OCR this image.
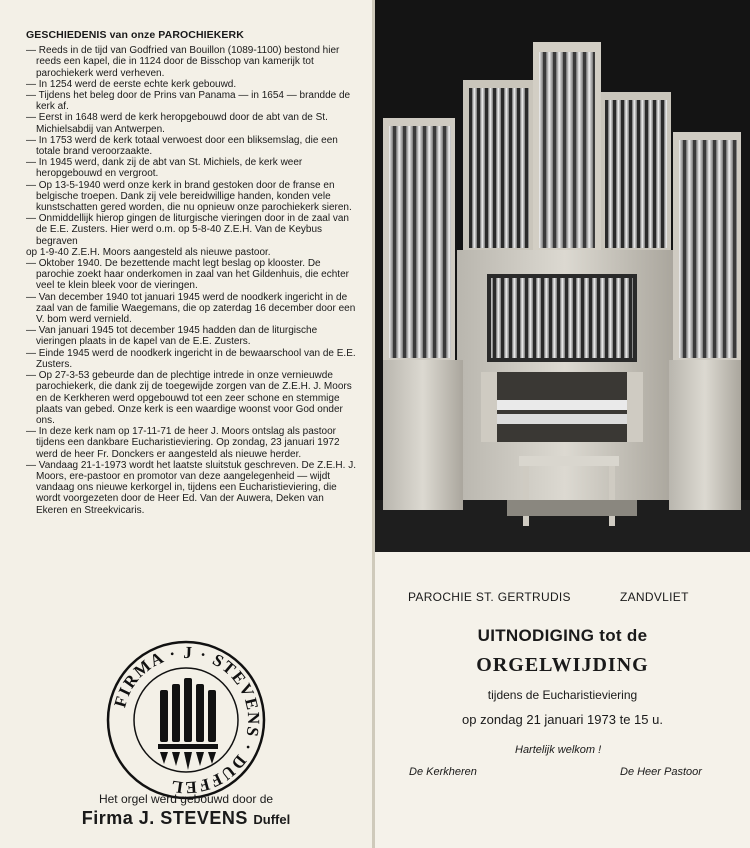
GESCHIEDENIS van onze PAROCHIEKERK
— Reeds in de tijd van Godfried van Bouillon (1089-1100) bestond hier reeds een kapel, die in 1124 door de Bisschop van kamerijk tot parochiekerk werd verheven.
— In 1254 werd de eerste echte kerk gebouwd.
— Tijdens het beleg door de Prins van Panama — in 1654 — brandde de kerk af.
— Eerst in 1648 werd de kerk heropgebouwd door de abt van de St. Michielsabdij van Antwerpen.
— In 1753 werd de kerk totaal verwoest door een bliksemslag, die een totale brand veroorzaakte.
— In 1945 werd, dank zij de abt van St. Michiels, de kerk weer heropgebouwd en vergroot.
— Op 13-5-1940 werd onze kerk in brand gestoken door de franse en belgische troepen. Dank zij vele bereidwillige handen, konden vele kunstschatten gered worden, die nu opnieuw onze parochiekerk sieren.
— Onmiddellijk hierop gingen de liturgische vieringen door in de zaal van de E.E. Zusters. Hier werd o.m. op 5-8-40 Z.E.H. Van de Keybus begraven
op 1-9-40 Z.E.H. Moors aangesteld als nieuwe pastoor.
— Oktober 1940. De bezettende macht legt beslag op klooster. De parochie zoekt haar onderkomen in zaal van het Gildenhuis, die echter veel te klein bleek voor de vieringen.
— Van december 1940 tot januari 1945 werd de noodkerk ingericht in de zaal van de familie Waegemans, die op zaterdag 16 december door een V. bom werd vernield.
— Van januari 1945 tot december 1945 hadden dan de liturgische vieringen plaats in de kapel van de E.E. Zusters.
— Einde 1945 werd de noodkerk ingericht in de bewaarschool van de E.E. Zusters.
— Op 27-3-53 gebeurde dan de plechtige intrede in onze vernieuwde parochiekerk, die dank zij de toegewijde zorgen van de Z.E.H. J. Moors en de Kerkheren werd opgebouwd tot een zeer schone en stemmige plaats van gebed. Onze kerk is een waardige woonst voor God onder ons.
— In deze kerk nam op 17-11-71 de heer J. Moors ontslag als pastoor tijdens een dankbare Eucharistieviering. Op zondag, 23 januari 1972 werd de heer Fr. Donckers er aangesteld als nieuwe herder.
— Vandaag 21-1-1973 wordt het laatste sluitstuk geschreven. De Z.E.H. J. Moors, ere-pastoor en promotor van deze aangelegenheid — wijdt vandaag ons nieuwe kerkorgel in, tijdens een Eucharistieviering, die wordt voorgezeten door de Heer Ed. Van der Auwera, Deken van Ekeren en Streekvicaris.
FIRMA · J · STEVENS · DUFFEL
Het orgel werd gebouwd door de
Firma J. STEVENS Duffel
PAROCHIE ST. GERTRUDIS	ZANDVLIET
UITNODIGING tot de
ORGELWIJDING
tijdens de Eucharistieviering
op zondag 21 januari 1973 te 15 u.
Hartelijk welkom !
De Kerkheren	De Heer Pastoor
